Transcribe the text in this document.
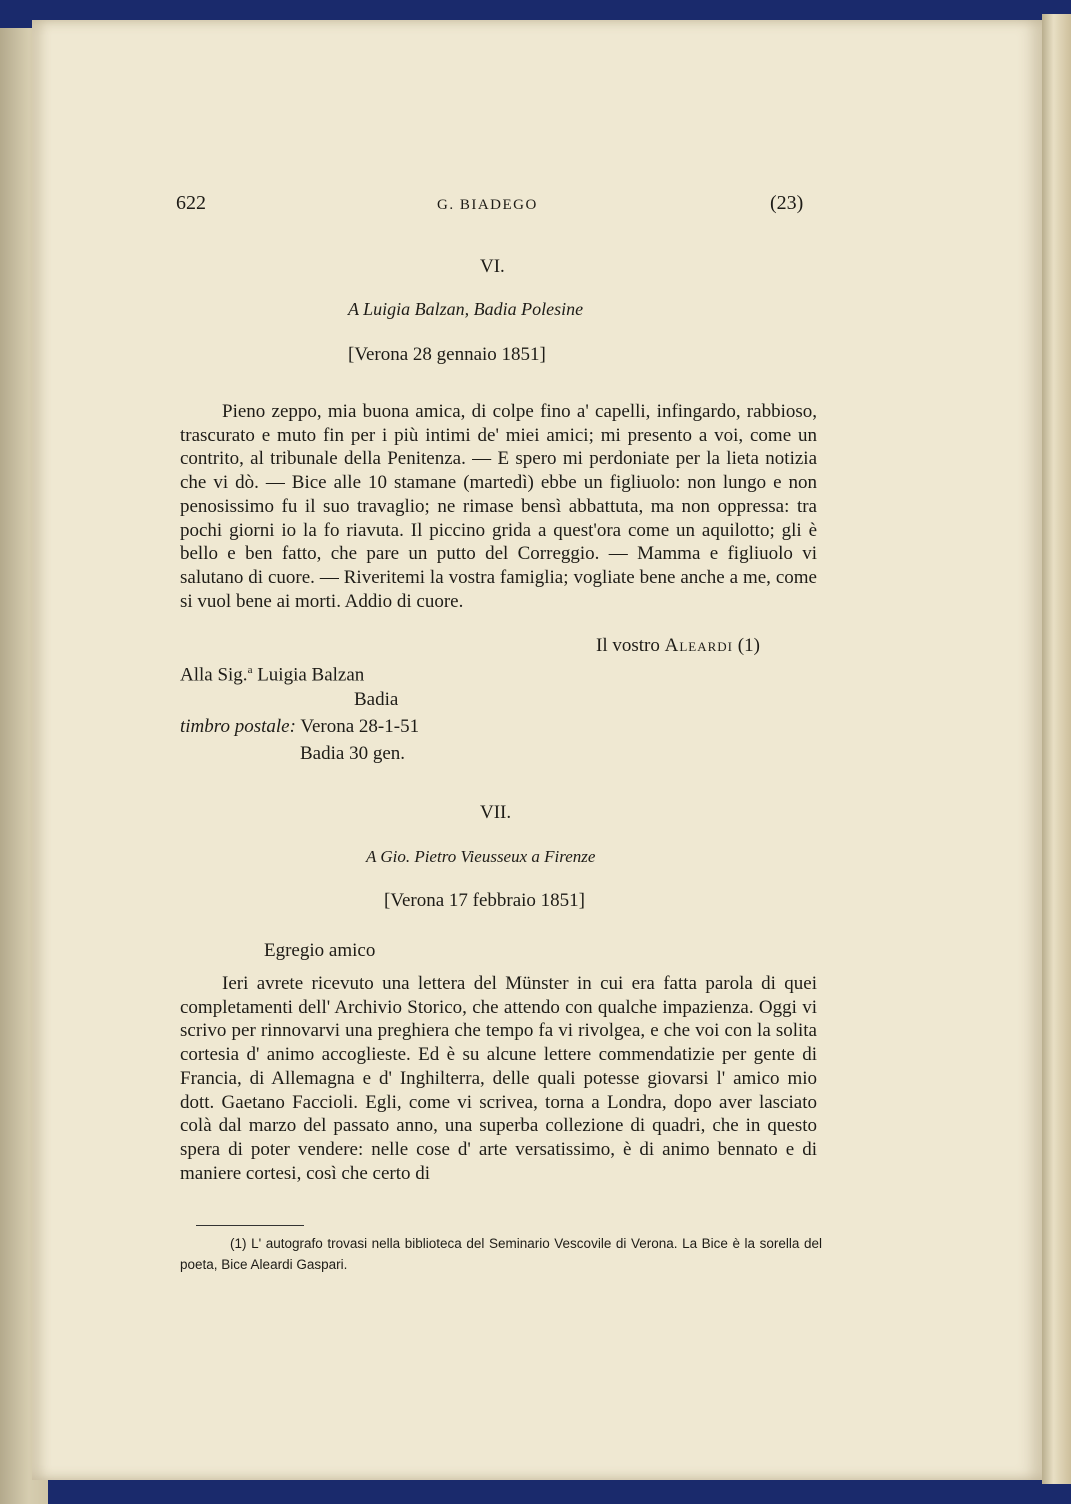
622	G. BIADEGO	(23)
VI.
A Luigia Balzan, Badia Polesine
[Verona 28 gennaio 1851]

Pieno zeppo, mia buona amica, di colpe fino a' capelli, infingardo, rabbioso, trascurato e muto fin per i più intimi de' miei amici; mi presento a voi, come un contrito, al tribunale della Penitenza. — E spero mi perdoniate per la lieta notizia che vi dò. — Bice alle 10 stamane (martedì) ebbe un figliuolo: non lungo e non penosissimo fu il suo travaglio; ne rimase bensì abbattuta, ma non oppressa: tra pochi giorni io la fo riavuta. Il piccino grida a quest'ora come un aquilotto; gli è bello e ben fatto, che pare un putto del Correggio. — Mamma e figliuolo vi salutano di cuore. — Riveritemi la vostra famiglia; vogliate bene anche a me, come si vuol bene ai morti. Addio di cuore.

Il vostro Aleardi (1)
Alla Sig.$^a$ Luigia Balzan
Badia
timbro postale: Verona 28-1-51
Badia 30 gen.
VII.
A Gio. Pietro Vieusseux a Firenze
[Verona 17 febbraio 1851]
Egregio amico

Ieri avrete ricevuto una lettera del Münster in cui era fatta parola di quei completamenti dell' Archivio Storico, che attendo con qualche impazienza. Oggi vi scrivo per rinnovarvi una preghiera che tempo fa vi rivolgea, e che voi con la solita cortesia d' animo accoglieste. Ed è su alcune lettere commendatizie per gente di Francia, di Allemagna e d' Inghilterra, delle quali potesse giovarsi l' amico mio dott. Gaetano Faccioli. Egli, come vi scrivea, torna a Londra, dopo aver lasciato colà dal marzo del passato anno, una superba collezione di quadri, che in questo spera di poter vendere: nelle cose d' arte versatissimo, è di animo bennato e di maniere cortesi, così che certo di

(1) L' autografo trovasi nella biblioteca del Seminario Vescovile di Verona. La Bice è la sorella del poeta, Bice Aleardi Gaspari.
